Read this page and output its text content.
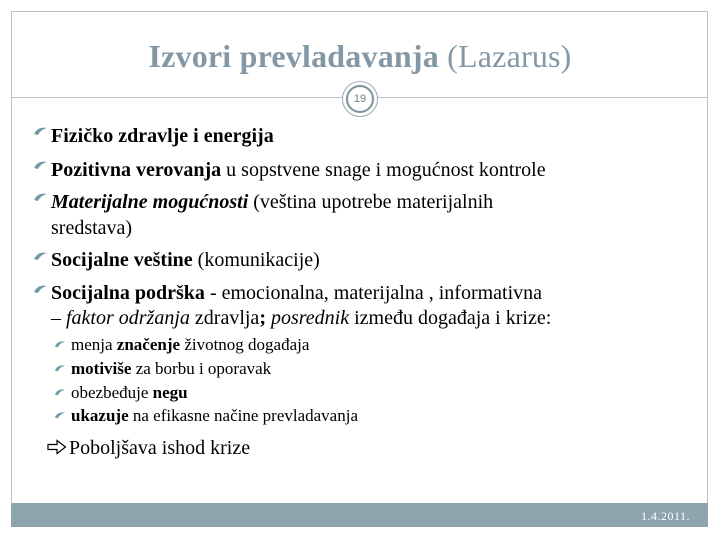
Izvori prevladavanja (Lazarus)
19
Fizičko zdravlje i energija
Pozitivna verovanja u sopstvene snage i mogućnost kontrole
Materijalne mogućnosti (veština upotrebe materijalnih
sredstava)
Socijalne veštine (komunikacije)
Socijalna podrška - emocionalna, materijalna , informativna
– faktor održanja zdravlja; posrednik između događaja i krize:
menja značenje životnog događaja
motiviše za borbu i oporavak
obezbeđuje negu
ukazuje na efikasne načine prevladavanja
Poboljšava ishod krize
1.4.2011.
